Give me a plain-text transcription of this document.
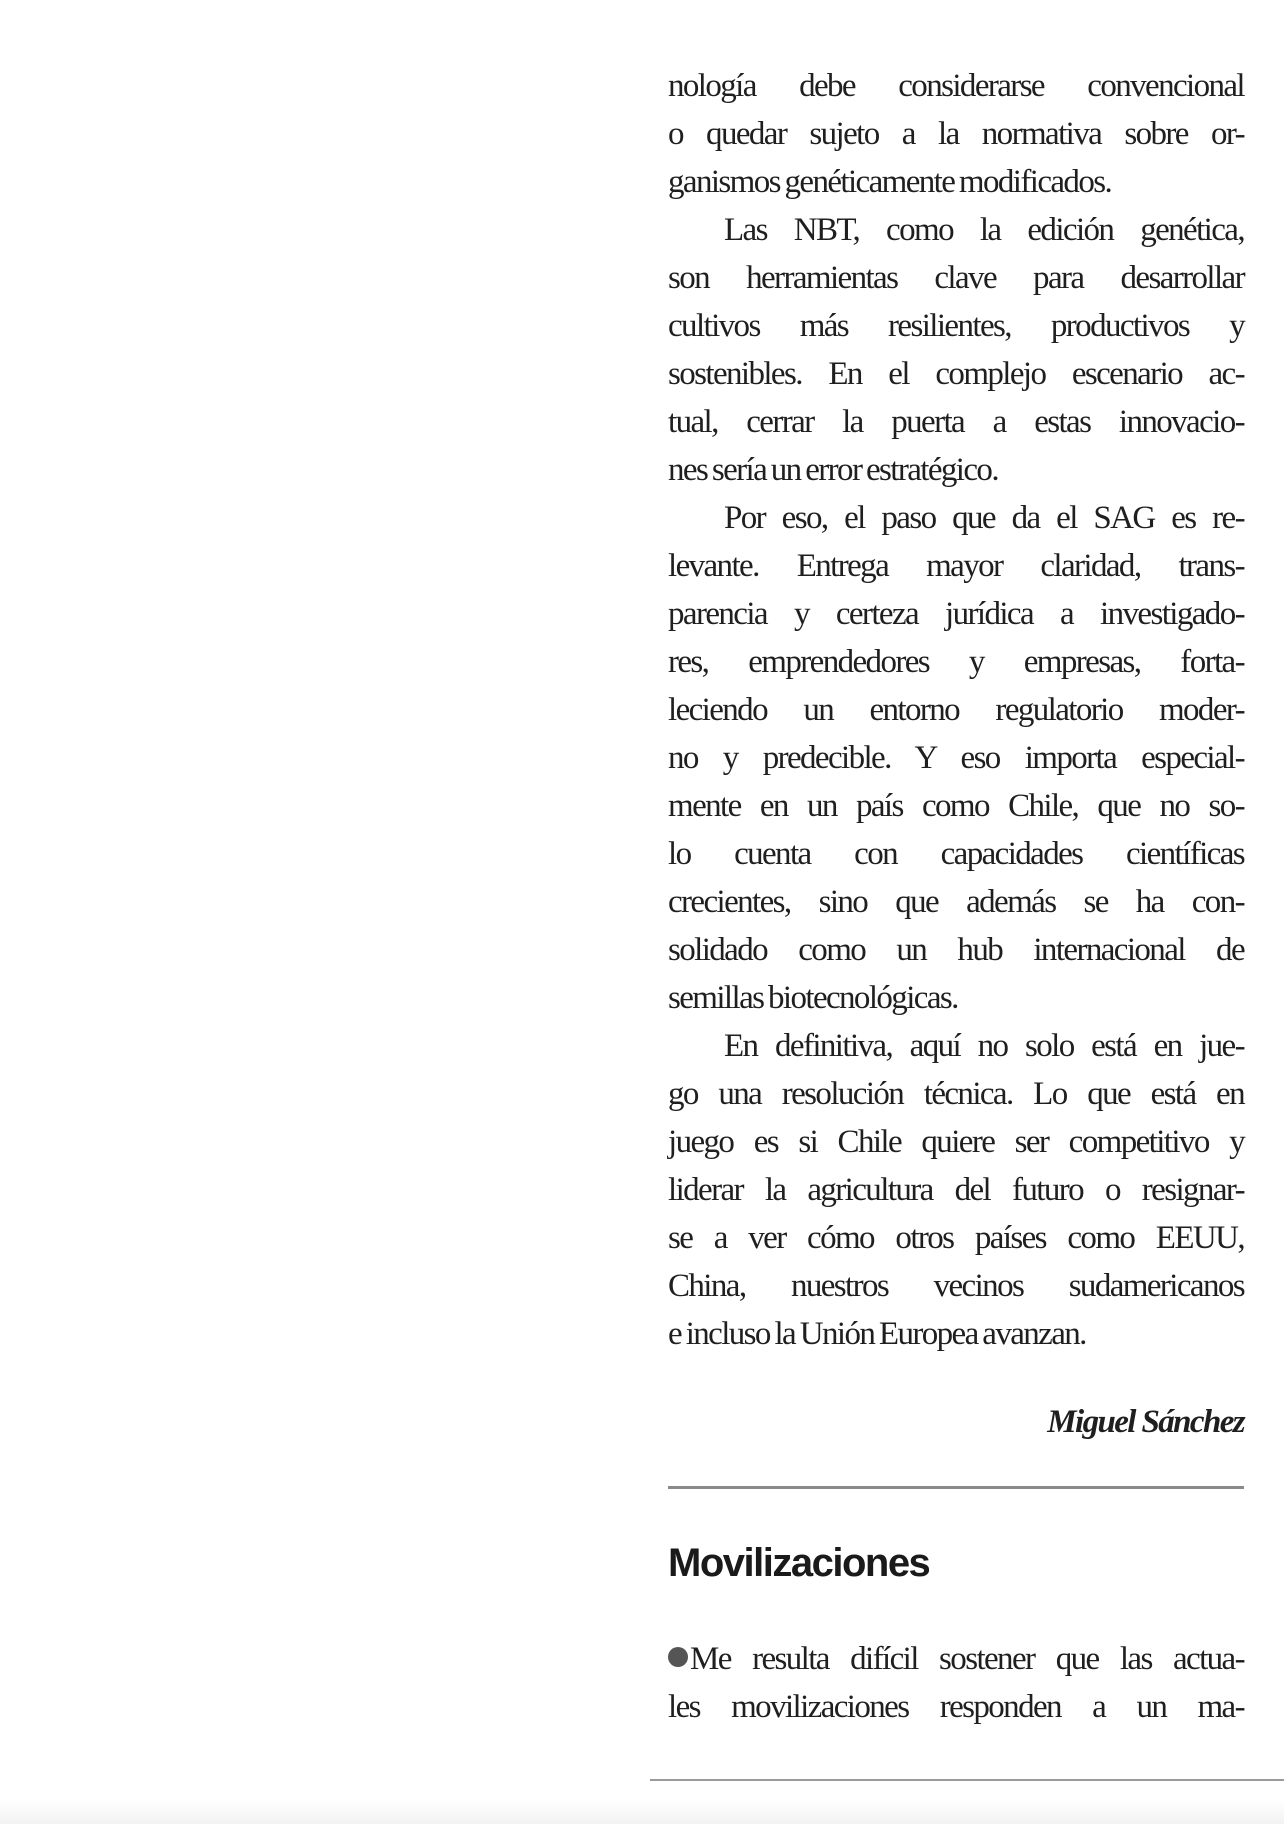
nología debe considerarse convencional
o quedar sujeto a la normativa sobre or-
ganismos genéticamente modificados.
Las NBT, como la edición genética,
son herramientas clave para desarrollar
cultivos más resilientes, productivos y
sostenibles. En el complejo escenario ac-
tual, cerrar la puerta a estas innovacio-
nes sería un error estratégico.
Por eso, el paso que da el SAG es re-
levante. Entrega mayor claridad, trans-
parencia y certeza jurídica a investigado-
res, emprendedores y empresas, forta-
leciendo un entorno regulatorio moder-
no y predecible. Y eso importa especial-
mente en un país como Chile, que no so-
lo cuenta con capacidades científicas
crecientes, sino que además se ha con-
solidado como un hub internacional de
semillas biotecnológicas.
En definitiva, aquí no solo está en jue-
go una resolución técnica. Lo que está en
juego es si Chile quiere ser competitivo y
liderar la agricultura del futuro o resignar-
se a ver cómo otros países como EEUU,
China, nuestros vecinos sudamericanos
e incluso la Unión Europea avanzan.
Miguel Sánchez
Movilizaciones
Me resulta difícil sostener que las actua-
les movilizaciones responden a un ma-
